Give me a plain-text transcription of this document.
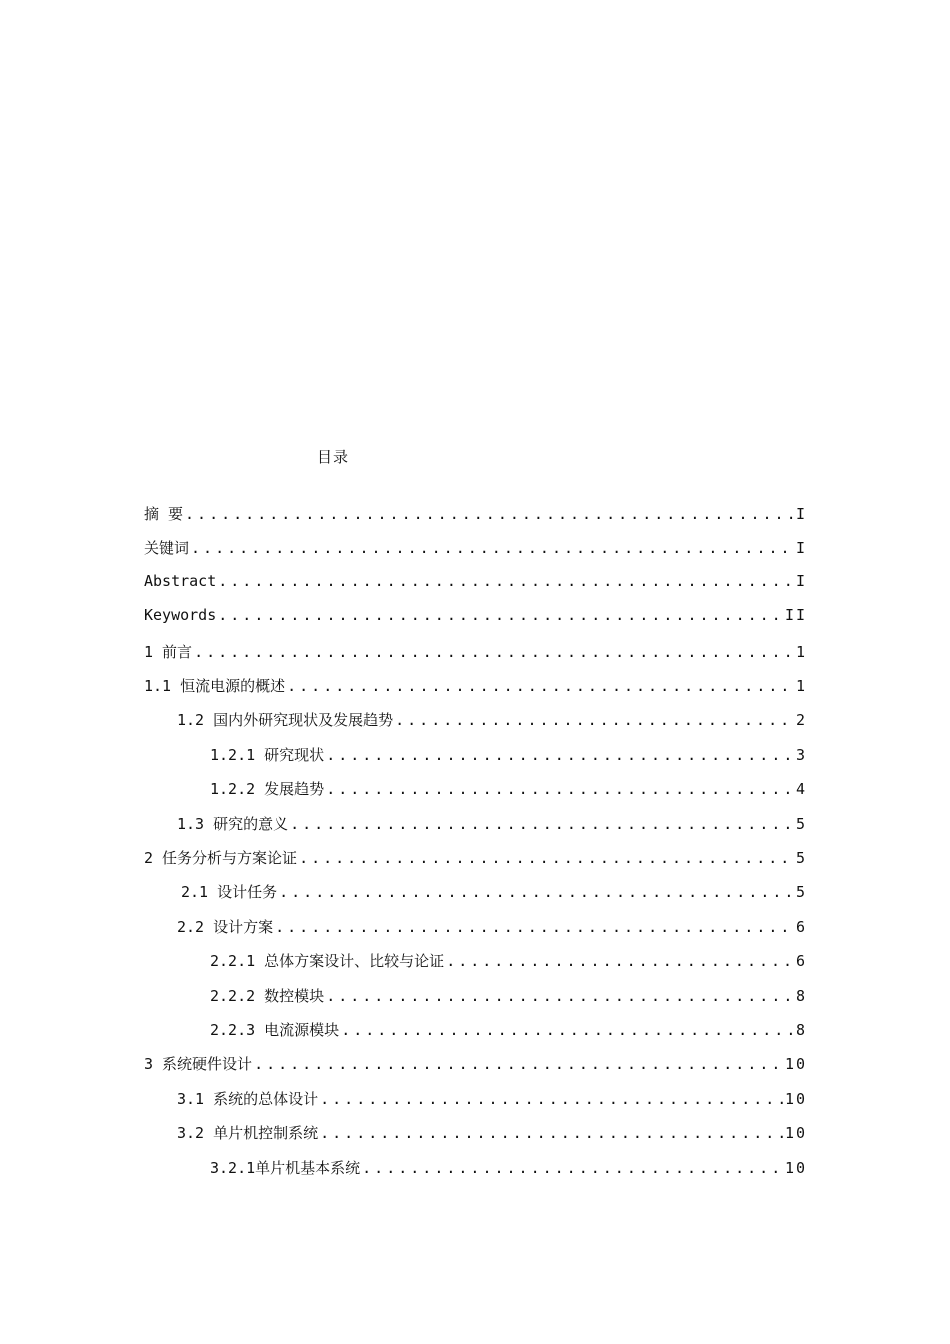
目录
摘 要 .....	I
关键词 .....	I
Abstract .....	I
Keywords .....	II
1 前言 .....	1
1.1 恒流电源的概述 .....	1
1.2 国内外研究现状及发展趋势 .....	2
1.2.1 研究现状 .....	3
1.2.2 发展趋势 .....	4
1.3 研究的意义 .....	5
2 任务分析与方案论证 .....	5
2.1 设计任务 .....	5
2.2 设计方案 .....	6
2.2.1 总体方案设计、比较与论证 .....	6
2.2.2 数控模块 .....	8
2.2.3 电流源模块 .....	8
3 系统硬件设计 .....	10
3.1 系统的总体设计 .....	10
3.2 单片机控制系统 .....	10
3.2.1单片机基本系统 .....	10
